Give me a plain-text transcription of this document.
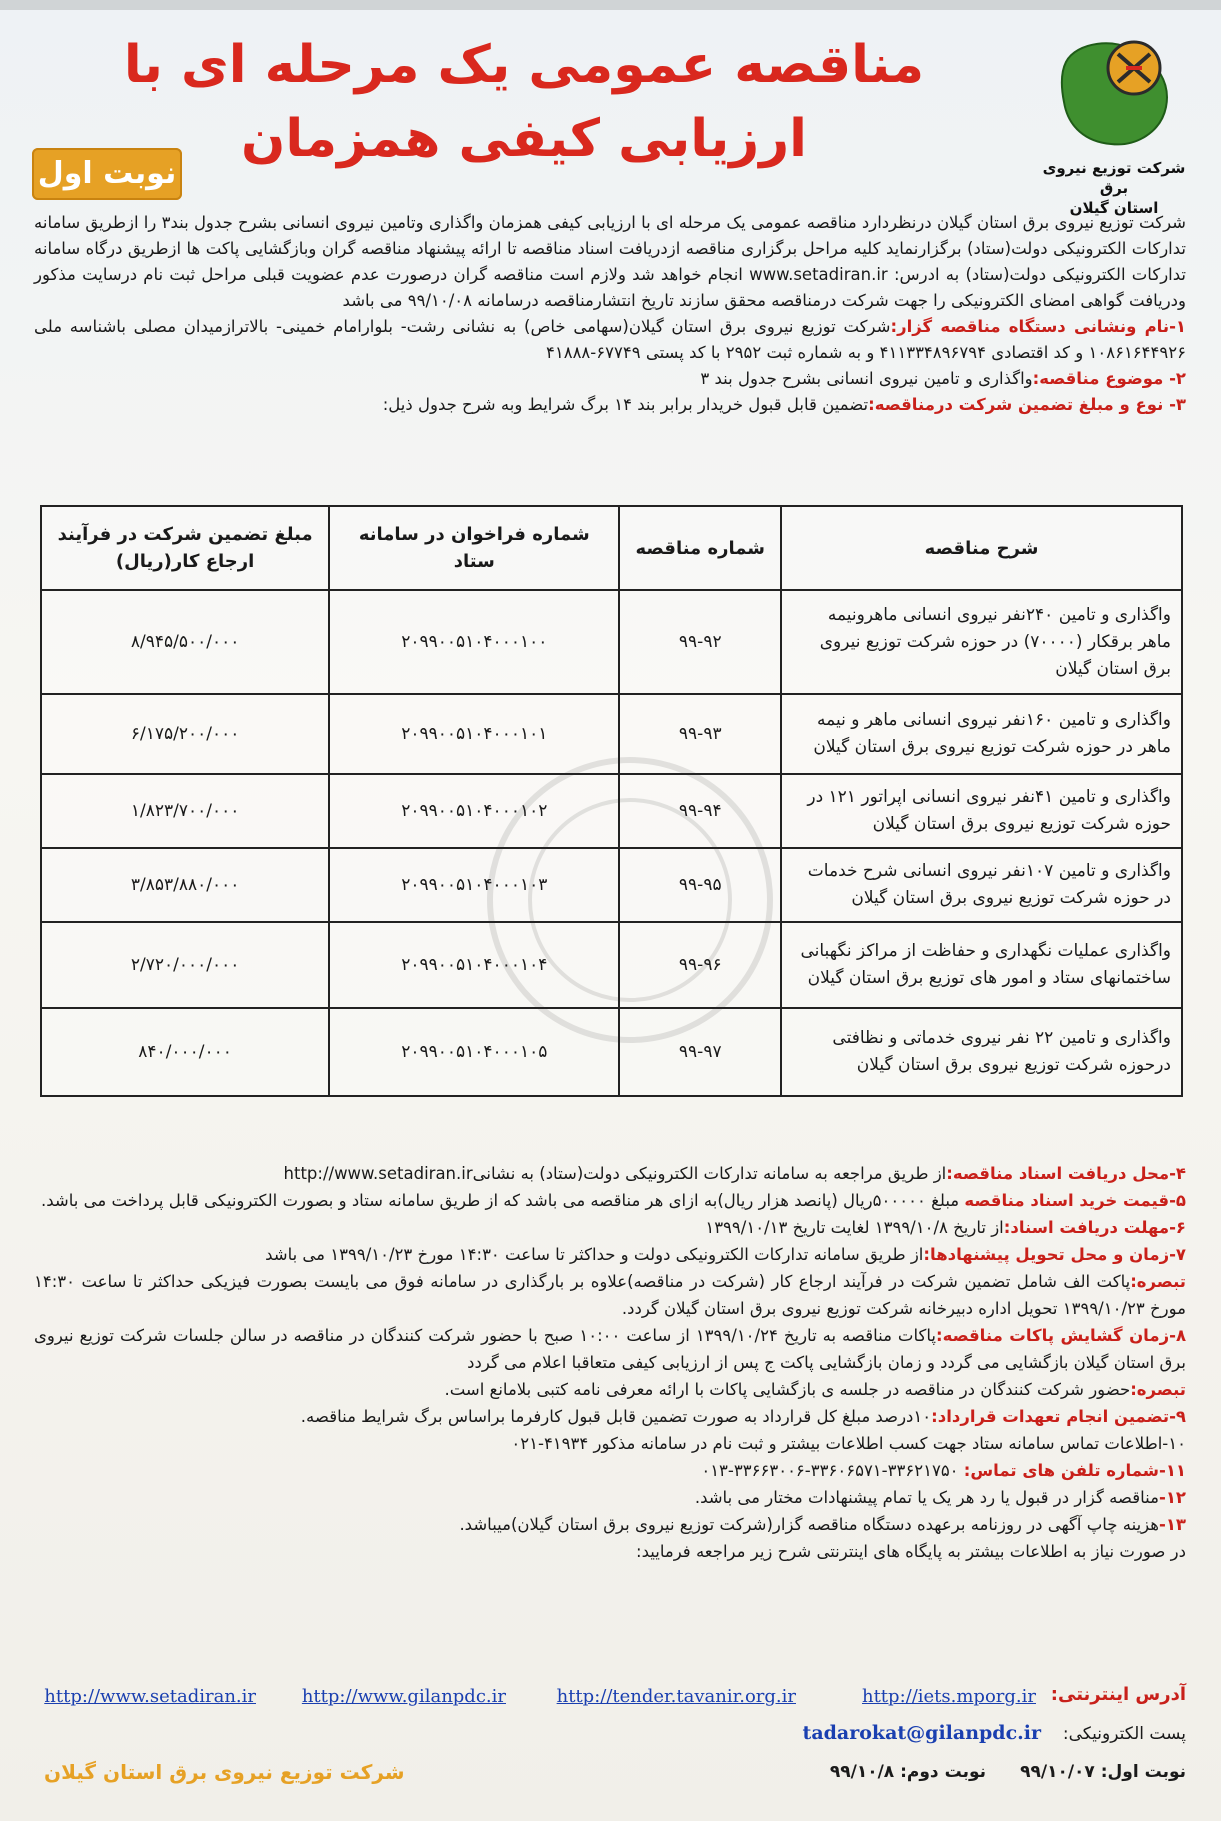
شرکت توزیع نیروی برق
استان گیلان
مناقصه عمومی یک مرحله ای با ارزیابی کیفی همزمان
نوبت اول

شرکت توزیع نیروی برق استان گیلان درنظردارد مناقصه عمومی یک مرحله ای با ارزیابی کیفی همزمان واگذاری وتامین نیروی انسانی بشرح جدول بند۳ را ازطریق سامانه تدارکات الکترونیکی دولت(ستاد) برگزارنماید کلیه مراحل برگزاری مناقصه ازدریافت اسناد مناقصه تا ارائه پیشنهاد مناقصه گران وبازگشایی پاکت ها ازطریق درگاه سامانه تدارکات الکترونیکی دولت(ستاد) به ادرس: www.setadiran.ir انجام خواهد شد ولازم است مناقصه گران درصورت عدم عضویت قبلی مراحل ثبت نام درسایت مذکور ودریافت گواهی امضای الکترونیکی را جهت شرکت درمناقصه محقق سازند تاریخ انتشارمناقصه درسامانه ۹۹/۱۰/۰۸ می باشد

۱-نام ونشانی دستگاه مناقصه گزار:شرکت توزیع نیروی برق استان گیلان(سهامی خاص) به نشانی رشت- بلوارامام خمینی- بالاترازمیدان مصلی باشناسه ملی ۱۰۸۶۱۶۴۴۹۲۶ و کد اقتصادی ۴۱۱۳۳۴۸۹۶۷۹۴ و به شماره ثبت ۲۹۵۲ با کد پستی ۶۷۷۴۹-۴۱۸۸۸

۲- موضوع مناقصه:واگذاری و تامین نیروی انسانی بشرح جدول بند ۳

۳- نوع و مبلغ تضمین شرکت درمناقصه:تضمین قابل قبول خریدار برابر بند ۱۴ برگ شرایط وبه شرح جدول ذیل:

شرح مناقصه	شماره مناقصه	شماره فراخوان در سامانه ستاد	مبلغ تضمین شرکت در فرآیند ارجاع کار(ریال)
واگذاری و تامین ۲۴۰نفر نیروی انسانی ماهرونیمه ماهر برقکار (۷۰۰۰۰) در حوزه شرکت توزیع نیروی برق استان گیلان	۹۹-۹۲	۲۰۹۹۰۰۵۱۰۴۰۰۰۱۰۰	۸/۹۴۵/۵۰۰/۰۰۰
واگذاری و تامین ۱۶۰نفر نیروی انسانی ماهر و نیمه ماهر در حوزه شرکت توزیع نیروی برق استان گیلان	۹۹-۹۳	۲۰۹۹۰۰۵۱۰۴۰۰۰۱۰۱	۶/۱۷۵/۲۰۰/۰۰۰
واگذاری و تامین ۴۱نفر نیروی انسانی اپراتور ۱۲۱ در حوزه شرکت توزیع نیروی برق استان گیلان	۹۹-۹۴	۲۰۹۹۰۰۵۱۰۴۰۰۰۱۰۲	۱/۸۲۳/۷۰۰/۰۰۰
واگذاری و تامین ۱۰۷نفر نیروی انسانی شرح خدمات در حوزه شرکت توزیع نیروی برق استان گیلان	۹۹-۹۵	۲۰۹۹۰۰۵۱۰۴۰۰۰۱۰۳	۳/۸۵۳/۸۸۰/۰۰۰
واگذاری عملیات نگهداری و حفاظت از مراکز نگهبانی ساختمانهای ستاد و امور های توزیع برق استان گیلان	۹۹-۹۶	۲۰۹۹۰۰۵۱۰۴۰۰۰۱۰۴	۲/۷۲۰/۰۰۰/۰۰۰
واگذاری و تامین ۲۲ نفر نیروی خدماتی و نظافتی درحوزه شرکت توزیع نیروی برق استان گیلان	۹۹-۹۷	۲۰۹۹۰۰۵۱۰۴۰۰۰۱۰۵	۸۴۰/۰۰۰/۰۰۰

۴-محل دریافت اسناد مناقصه:از طریق مراجعه به سامانه تدارکات الکترونیکی دولت(ستاد) به نشانیhttp://www.setadiran.ir

۵-قیمت خرید اسناد مناقصه مبلغ ۵۰۰۰۰۰ریال (پانصد هزار ریال)به ازای هر مناقصه می باشد که از طریق سامانه ستاد و بصورت الکترونیکی قابل پرداخت می باشد.

۶-مهلت دریافت اسناد:از تاریخ ۱۳۹۹/۱۰/۸ لغایت تاریخ ۱۳۹۹/۱۰/۱۳

۷-زمان و محل تحویل پیشنهادها:از طریق سامانه تدارکات الکترونیکی دولت و حداکثر تا ساعت ۱۴:۳۰ مورخ ۱۳۹۹/۱۰/۲۳ می باشد

تبصره:پاکت الف شامل تضمین شرکت در فرآیند ارجاع کار (شرکت در مناقصه)علاوه بر بارگذاری در سامانه فوق می بایست بصورت فیزیکی حداکثر تا ساعت ۱۴:۳۰ مورخ ۱۳۹۹/۱۰/۲۳ تحویل اداره دبیرخانه شرکت توزیع نیروی برق استان گیلان گردد.

۸-زمان گشایش پاکات مناقصه:پاکات مناقصه به تاریخ ۱۳۹۹/۱۰/۲۴ از ساعت ۱۰:۰۰ صبح با حضور شرکت کنندگان در مناقصه در سالن جلسات شرکت توزیع نیروی برق استان گیلان بازگشایی می گردد و زمان بازگشایی پاکت ج پس از ارزیابی کیفی متعاقبا اعلام می گردد

تبصره:حضور شرکت کنندگان در مناقصه در جلسه ی بازگشایی پاکات با ارائه معرفی نامه کتبی بلامانع است.

۹-تضمین انجام تعهدات قرارداد:۱۰درصد مبلغ کل قرارداد به صورت تضمین قابل قبول کارفرما براساس برگ شرایط مناقصه.

۱۰-اطلاعات تماس سامانه ستاد جهت کسب اطلاعات بیشتر و ثبت نام در سامانه مذکور ۴۱۹۳۴-۰۲۱

۱۱-شماره تلفن های تماس: ۳۳۶۲۱۷۵۰-۳۳۶۰۶۵۷۱-۳۳۶۶۳۰۰۶-۰۱۳

۱۲-مناقصه گزار در قبول یا رد هر یک یا تمام پیشنهادات مختار می باشد.

۱۳-هزینه چاپ آگهی در روزنامه برعهده دستگاه مناقصه گزار(شرکت توزیع نیروی برق استان گیلان)میباشد.

در صورت نیاز به اطلاعات بیشتر به پایگاه های اینترنتی شرح زیر مراجعه فرمایید:

آدرس اینترنتی:
http://iets.mporg.ir
http://tender.tavanir.org.ir
http://www.gilanpdc.ir
http://www.setadiran.ir
پست الکترونیکی:
tadarokat@gilanpdc.ir
نوبت اول: ۹۹/۱۰/۰۷
نوبت دوم: ۹۹/۱۰/۸
شرکت توزیع نیروی برق استان گیلان
